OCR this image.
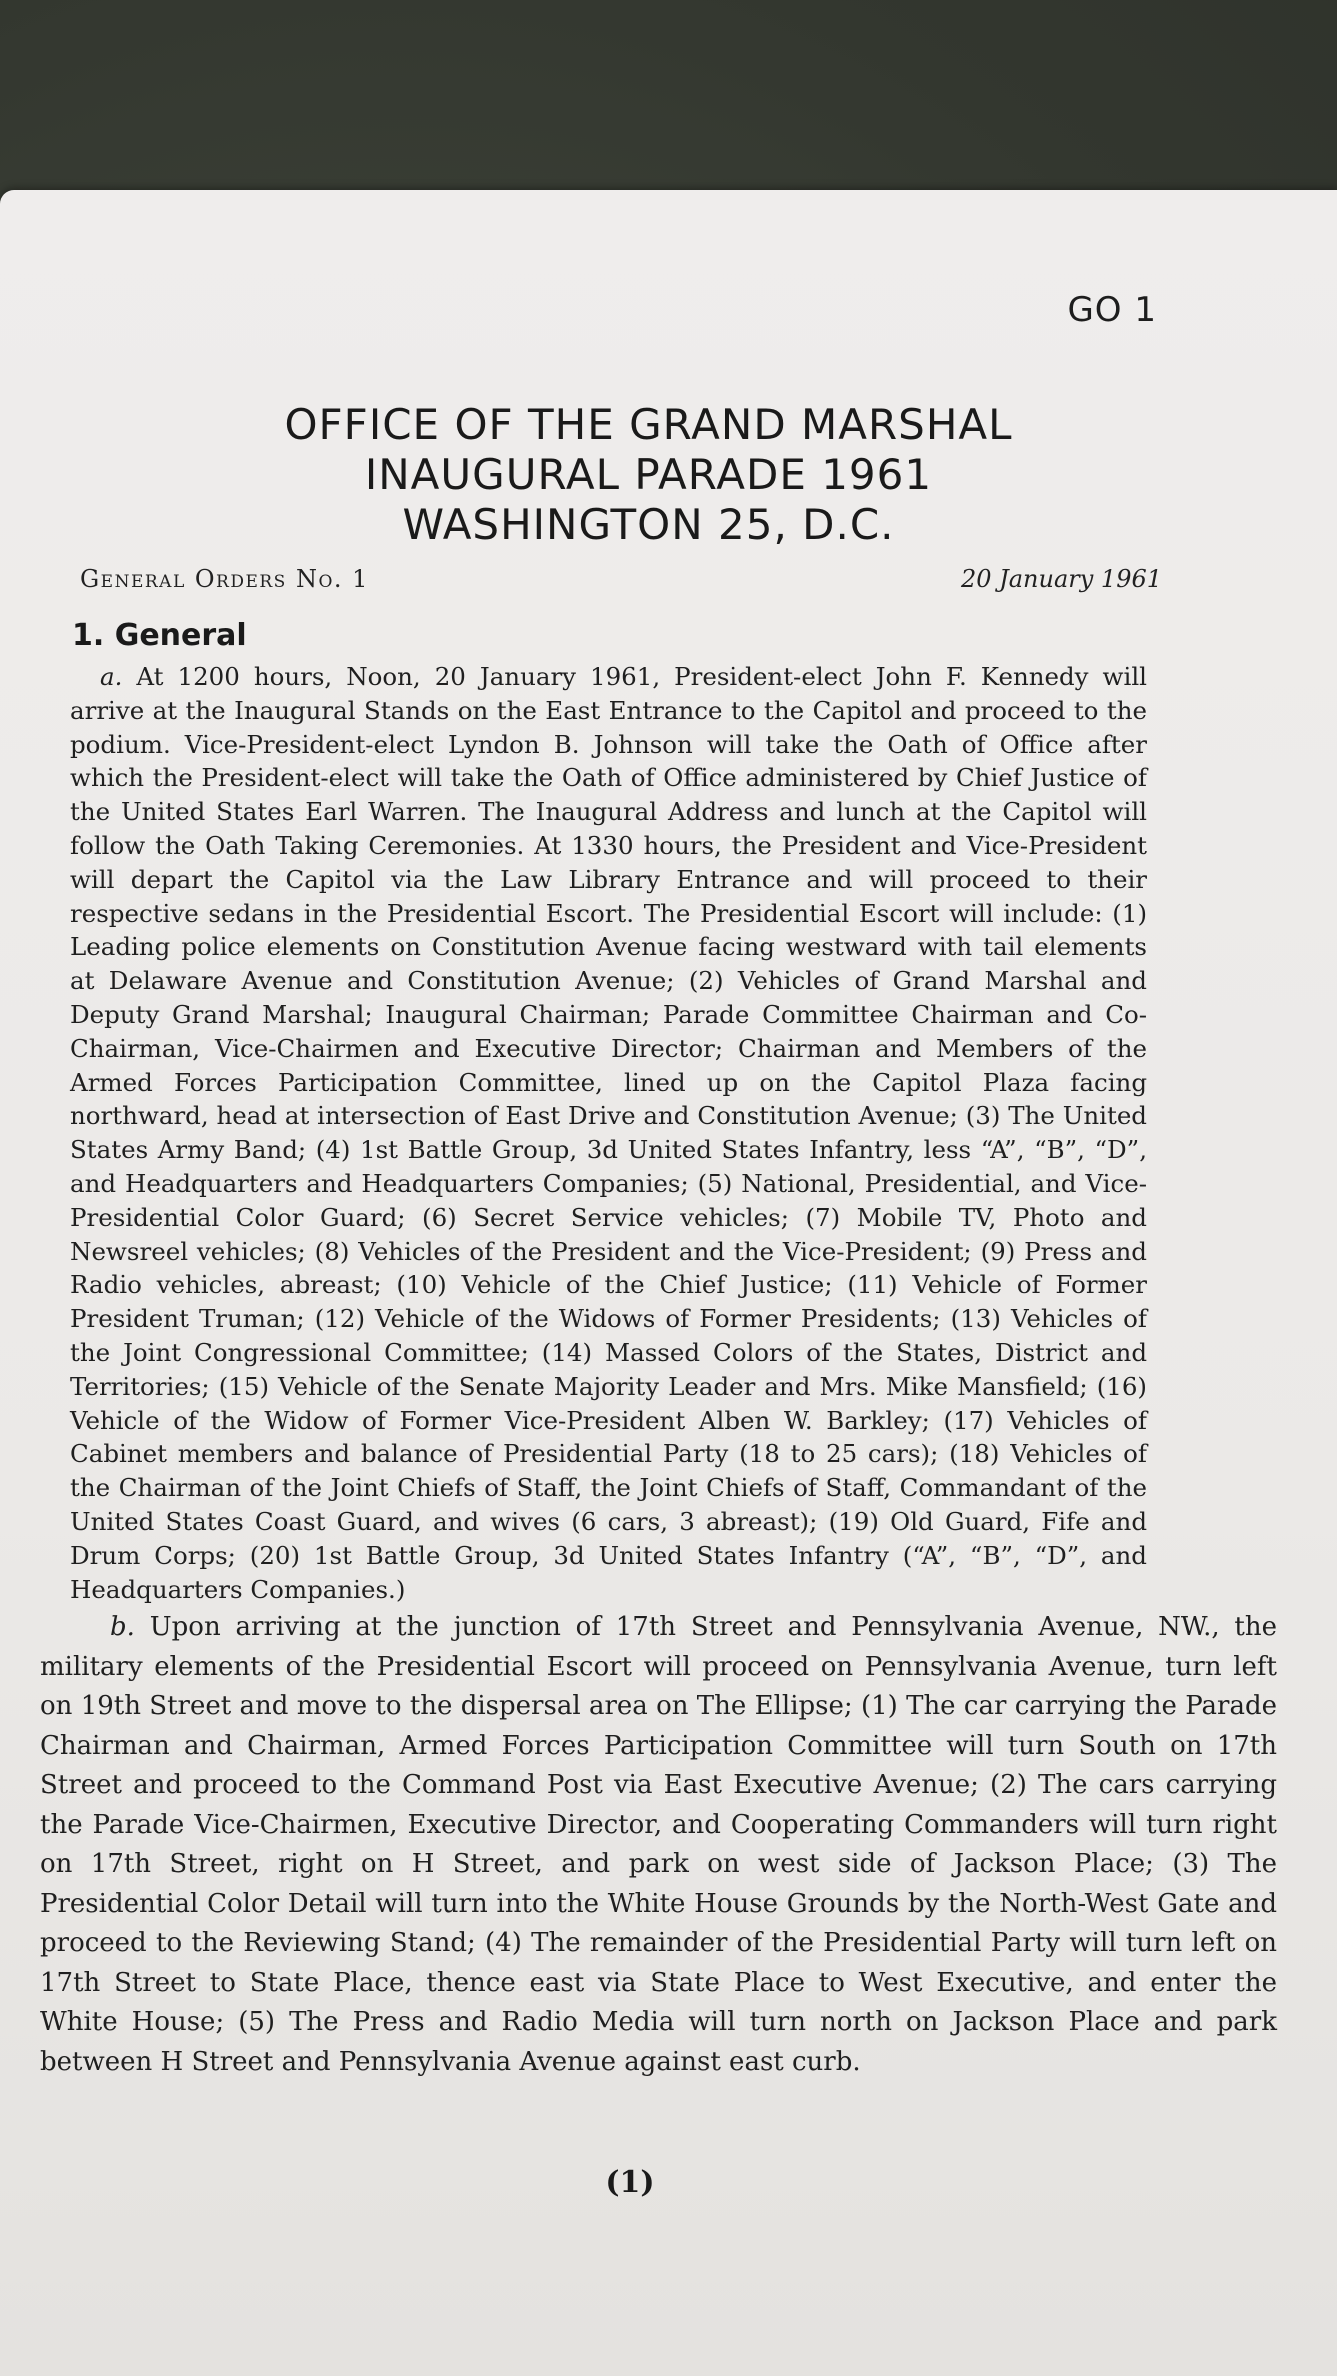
GO 1
OFFICE OF THE GRAND MARSHAL
INAUGURAL PARADE 1961
WASHINGTON 25, D.C.
General Orders No. 1	20 January 1961
1. General

a. At 1200 hours, Noon, 20 January 1961, President-elect John F. Kennedy will arrive at the Inaugural Stands on the East Entrance to the Capitol and proceed to the podium. Vice-President-elect Lyndon B. Johnson will take the Oath of Office after which the President-elect will take the Oath of Office administered by Chief Justice of the United States Earl Warren. The Inaugural Address and lunch at the Capitol will follow the Oath Taking Ceremonies. At 1330 hours, the President and Vice-President will depart the Capitol via the Law Library Entrance and will proceed to their respective sedans in the Presidential Escort. The Presidential Escort will include: (1) Leading police elements on Constitution Avenue facing westward with tail elements at Delaware Avenue and Constitution Avenue; (2) Vehicles of Grand Marshal and Deputy Grand Marshal; Inaugural Chairman; Parade Committee Chairman and Co-Chairman, Vice-Chairmen and Executive Director; Chairman and Members of the Armed Forces Participation Committee, lined up on the Capitol Plaza facing northward, head at intersection of East Drive and Constitution Avenue; (3) The United States Army Band; (4) 1st Battle Group, 3d United States Infantry, less “A”, “B”, “D”, and Headquarters and Headquarters Companies; (5) National, Presidential, and Vice-Presidential Color Guard; (6) Secret Service vehicles; (7) Mobile TV, Photo and Newsreel vehicles; (8) Vehicles of the President and the Vice-President; (9) Press and Radio vehicles, abreast; (10) Vehicle of the Chief Justice; (11) Vehicle of Former President Truman; (12) Vehicle of the Widows of Former Presidents; (13) Vehicles of the Joint Congressional Committee; (14) Massed Colors of the States, District and Territories; (15) Vehicle of the Senate Majority Leader and Mrs. Mike Mansfield; (16) Vehicle of the Widow of Former Vice-President Alben W. Barkley; (17) Vehicles of Cabinet members and balance of Presidential Party (18 to 25 cars); (18) Vehicles of the Chairman of the Joint Chiefs of Staff, the Joint Chiefs of Staff, Commandant of the United States Coast Guard, and wives (6 cars, 3 abreast); (19) Old Guard, Fife and Drum Corps; (20) 1st Battle Group, 3d United States Infantry (“A”, “B”, “D”, and Headquarters Companies.)

b. Upon arriving at the junction of 17th Street and Pennsylvania Avenue, NW., the military elements of the Presidential Escort will proceed on Pennsylvania Avenue, turn left on 19th Street and move to the dispersal area on The Ellipse; (1) The car carrying the Parade Chairman and Chairman, Armed Forces Participation Committee will turn South on 17th Street and proceed to the Command Post via East Executive Avenue; (2) The cars carrying the Parade Vice-Chairmen, Executive Director, and Cooperating Commanders will turn right on 17th Street, right on H Street, and park on west side of Jackson Place; (3) The Presidential Color Detail will turn into the White House Grounds by the North-West Gate and proceed to the Reviewing Stand; (4) The remainder of the Presidential Party will turn left on 17th Street to State Place, thence east via State Place to West Executive, and enter the White House; (5) The Press and Radio Media will turn north on Jackson Place and park between H Street and Pennsylvania Avenue against east curb.

(1)
